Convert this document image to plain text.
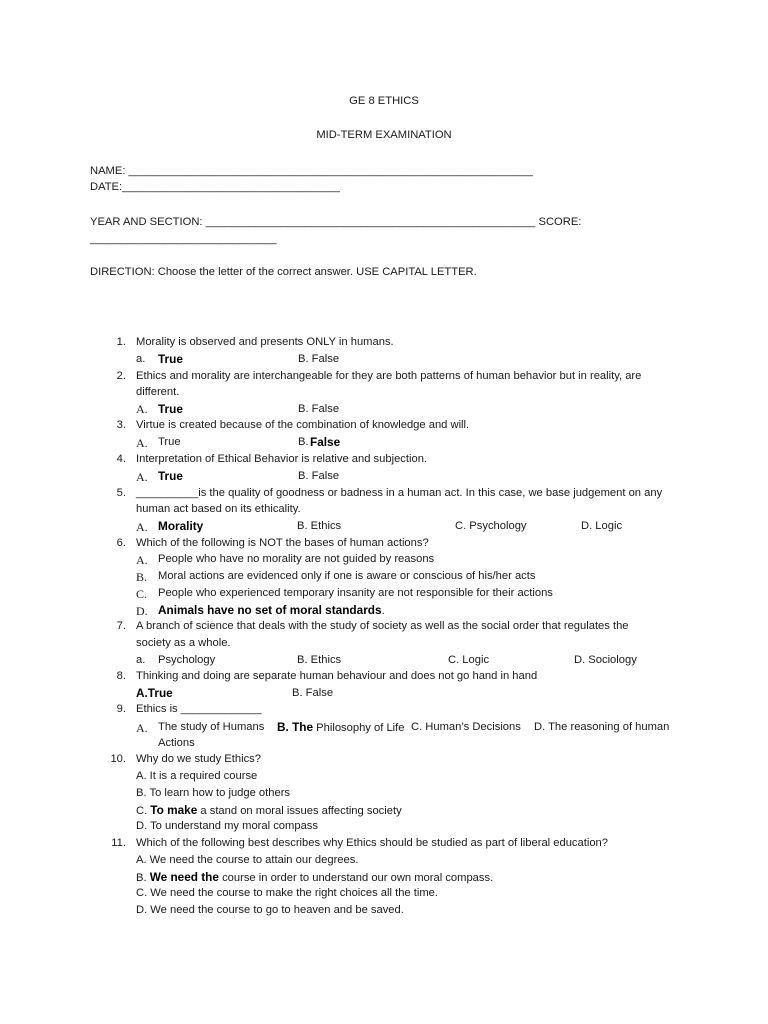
GE 8 ETHICS
MID-TERM EXAMINATION
NAME: _________________________________________________________________
DATE:___________________________________
YEAR AND SECTION: _____________________________________________________ SCORE:
______________________________
DIRECTION: Choose the letter of the correct answer. USE CAPITAL LETTER.
1. Morality is observed and presents ONLY in humans.
a. True	B. False
2. Ethics and morality are interchangeable for they are both patterns of human behavior but in reality, are
different.
A. True	B. False
3. Virtue is created because of the combination of knowledge and will.
A. True	B. False
4. Interpretation of Ethical Behavior is relative and subjection.
A. True	B. False
5. __________is the quality of goodness or badness in a human act. In this case, we base judgement on any
human act based on its ethicality.
A. Morality	B. Ethics	C. Psychology	D. Logic
6. Which of the following is NOT the bases of human actions?
A. People who have no morality are not guided by reasons
B. Moral actions are evidenced only if one is aware or conscious of his/her acts
C. People who experienced temporary insanity are not responsible for their actions
D. Animals have no set of moral standards.
7. A branch of science that deals with the study of society as well as the social order that regulates the
society as a whole.
a. Psychology	B. Ethics	C. Logic	D. Sociology
8. Thinking and doing are separate human behaviour and does not go hand in hand
A.True	B. False
9. Ethics is _____________
A. The study of Humans B. The Philosophy of Life C. Human’s Decisions D. The reasoning of human
Actions
10. Why do we study Ethics?
A. It is a required course
B. To learn how to judge others
C. To make a stand on moral issues affecting society
D. To understand my moral compass
11. Which of the following best describes why Ethics should be studied as part of liberal education?
A. We need the course to attain our degrees.
B. We need the course in order to understand our own moral compass.
C. We need the course to make the right choices all the time.
D. We need the course to go to heaven and be saved.
